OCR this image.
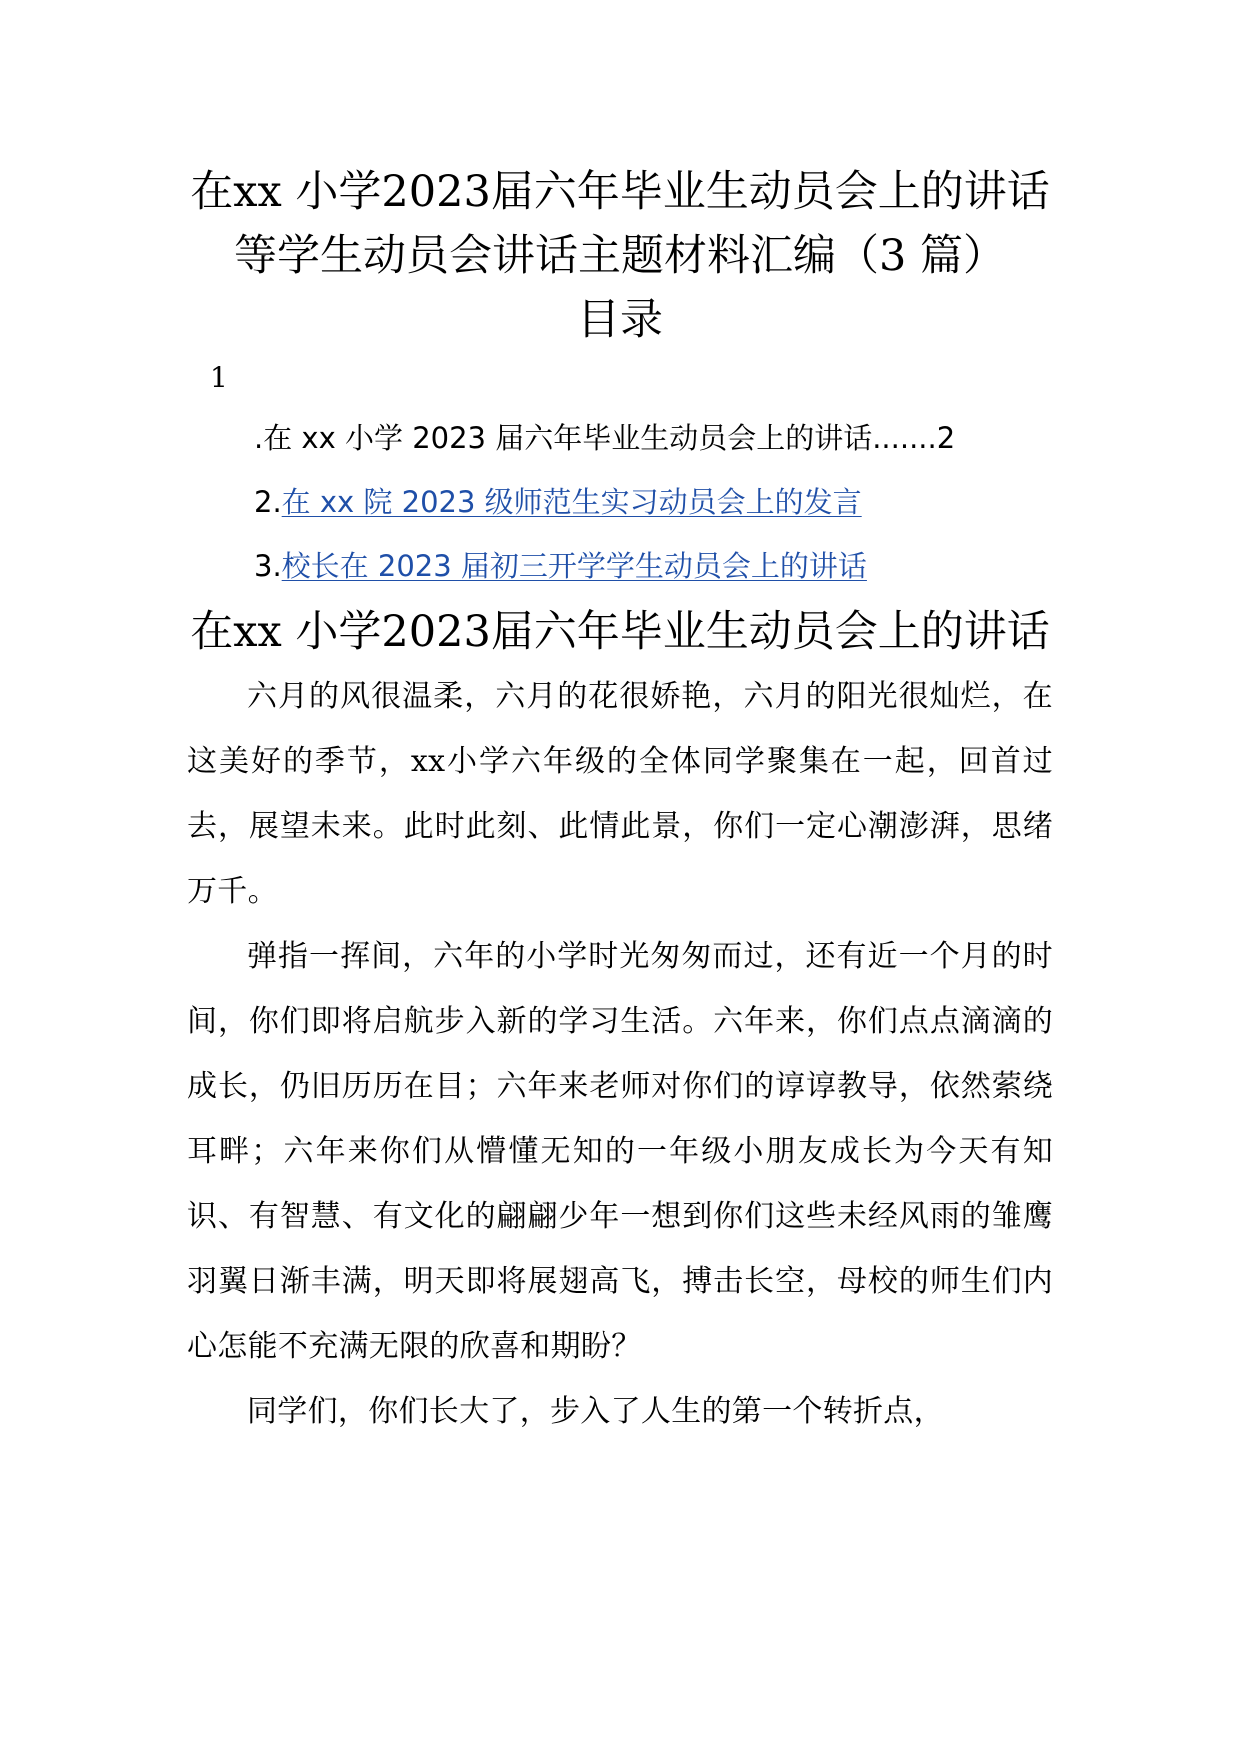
在xx 小学2023届六年毕业生动员会上的讲话等学生动员会讲话主题材料汇编（3 篇）
目录
1
.在 xx 小学 2023 届六年毕业生动员会上的讲话.......2
2.在 xx 院 2023 级师范生实习动员会上的发言
3.校长在 2023 届初三开学学生动员会上的讲话
在xx 小学2023届六年毕业生动员会上的讲话

六月的风很温柔，六月的花很娇艳，六月的阳光很灿烂，在这美好的季节，xx小学六年级的全体同学聚集在一起，回首过去，展望未来。此时此刻、此情此景，你们一定心潮澎湃，思绪万千。

弹指一挥间，六年的小学时光匆匆而过，还有近一个月的时间，你们即将启航步入新的学习生活。六年来，你们点点滴滴的成长，仍旧历历在目；六年来老师对你们的谆谆教导，依然萦绕耳畔；六年来你们从懵懂无知的一年级小朋友成长为今天有知识、有智慧、有文化的翩翩少年一想到你们这些未经风雨的雏鹰羽翼日渐丰满，明天即将展翅高飞，搏击长空，母校的师生们内心怎能不充满无限的欣喜和期盼？

同学们，你们长大了，步入了人生的第一个转折点，
